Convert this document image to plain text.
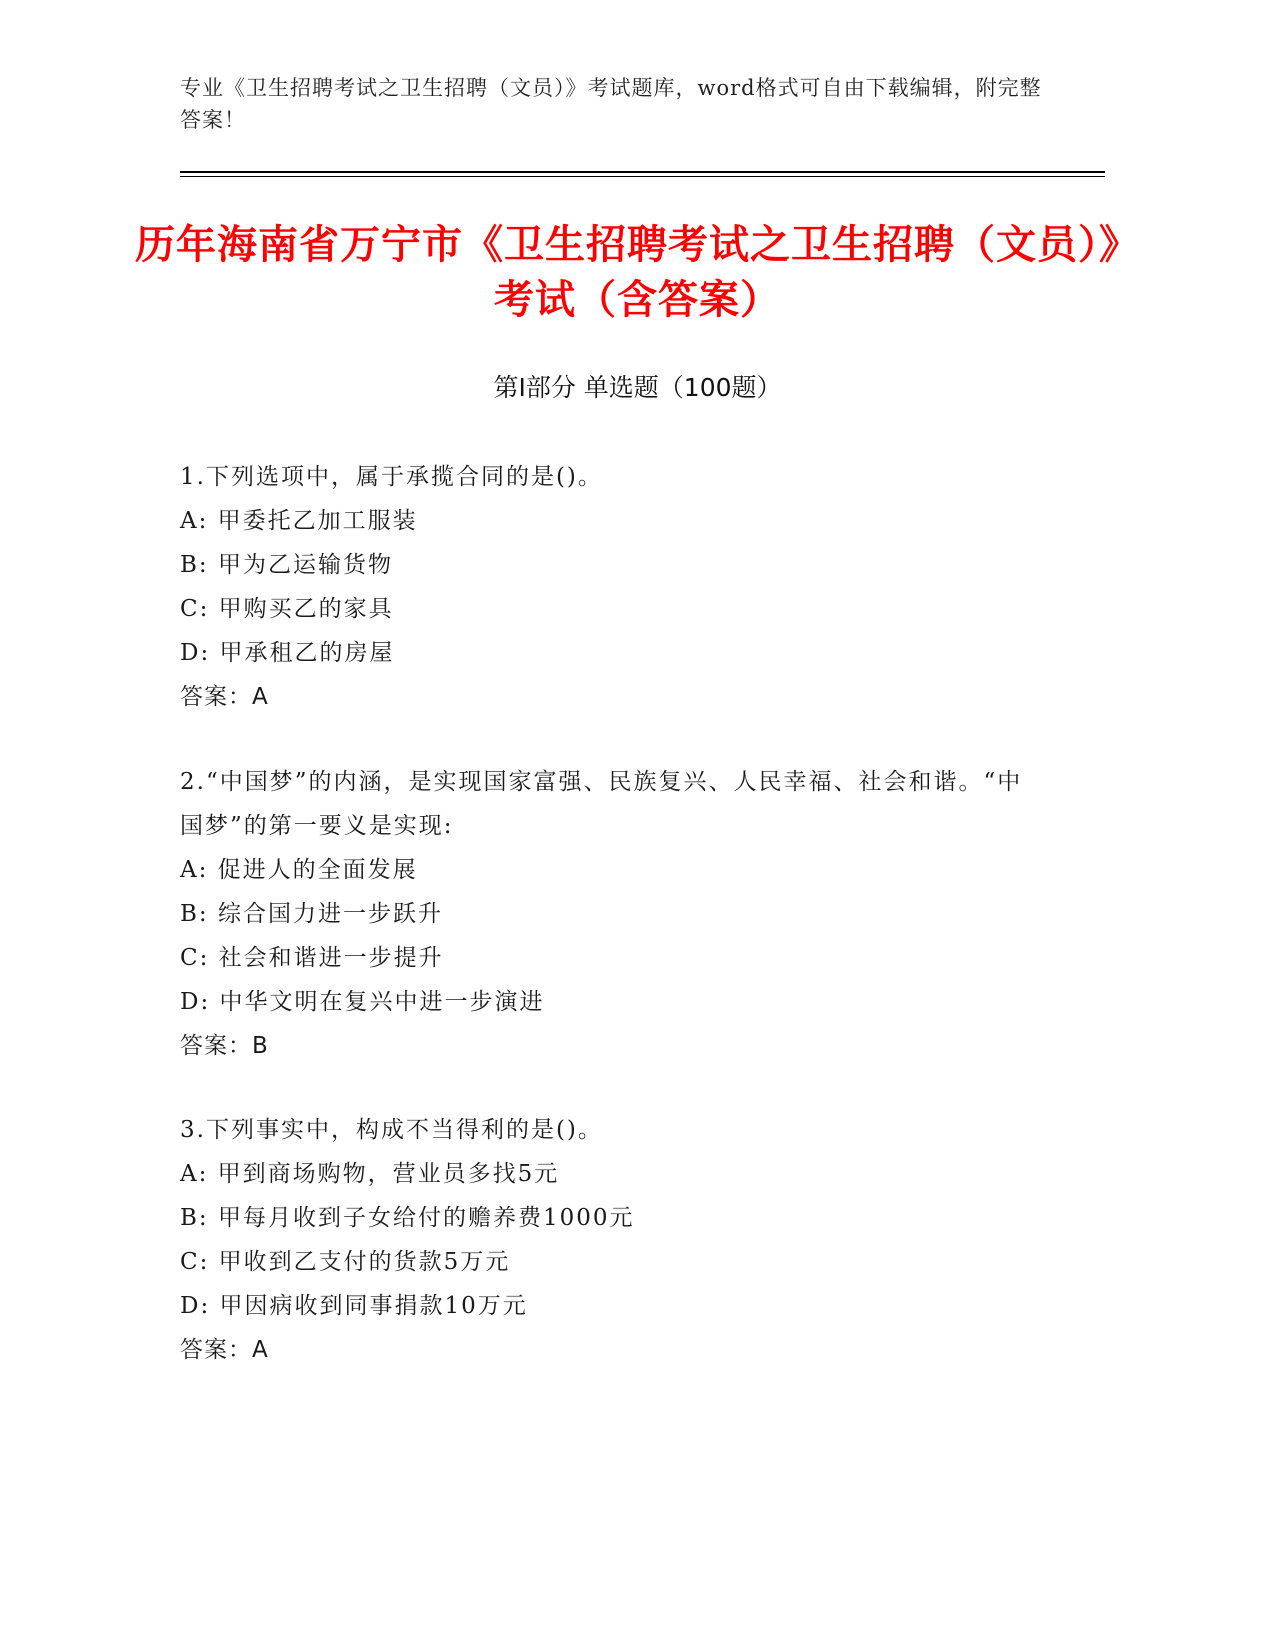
专业《卫生招聘考试之卫生招聘（文员）》考试题库，word格式可自由下载编辑，附完整答案！
历年海南省万宁市《卫生招聘考试之卫生招聘（文员）》考试（含答案）
第Ⅰ部分 单选题（100题）

1.下列选项中，属于承揽合同的是()。

A: 甲委托乙加工服装

B: 甲为乙运输货物

C: 甲购买乙的家具

D: 甲承租乙的房屋

答案：A

2.“中国梦”的内涵，是实现国家富强、民族复兴、人民幸福、社会和谐。“中国梦”的第一要义是实现:

A: 促进人的全面发展

B: 综合国力进一步跃升

C: 社会和谐进一步提升

D: 中华文明在复兴中进一步演进

答案：B

3.下列事实中，构成不当得利的是()。

A: 甲到商场购物，营业员多找5元

B: 甲每月收到子女给付的赡养费1000元

C: 甲收到乙支付的货款5万元

D: 甲因病收到同事捐款10万元

答案：A
